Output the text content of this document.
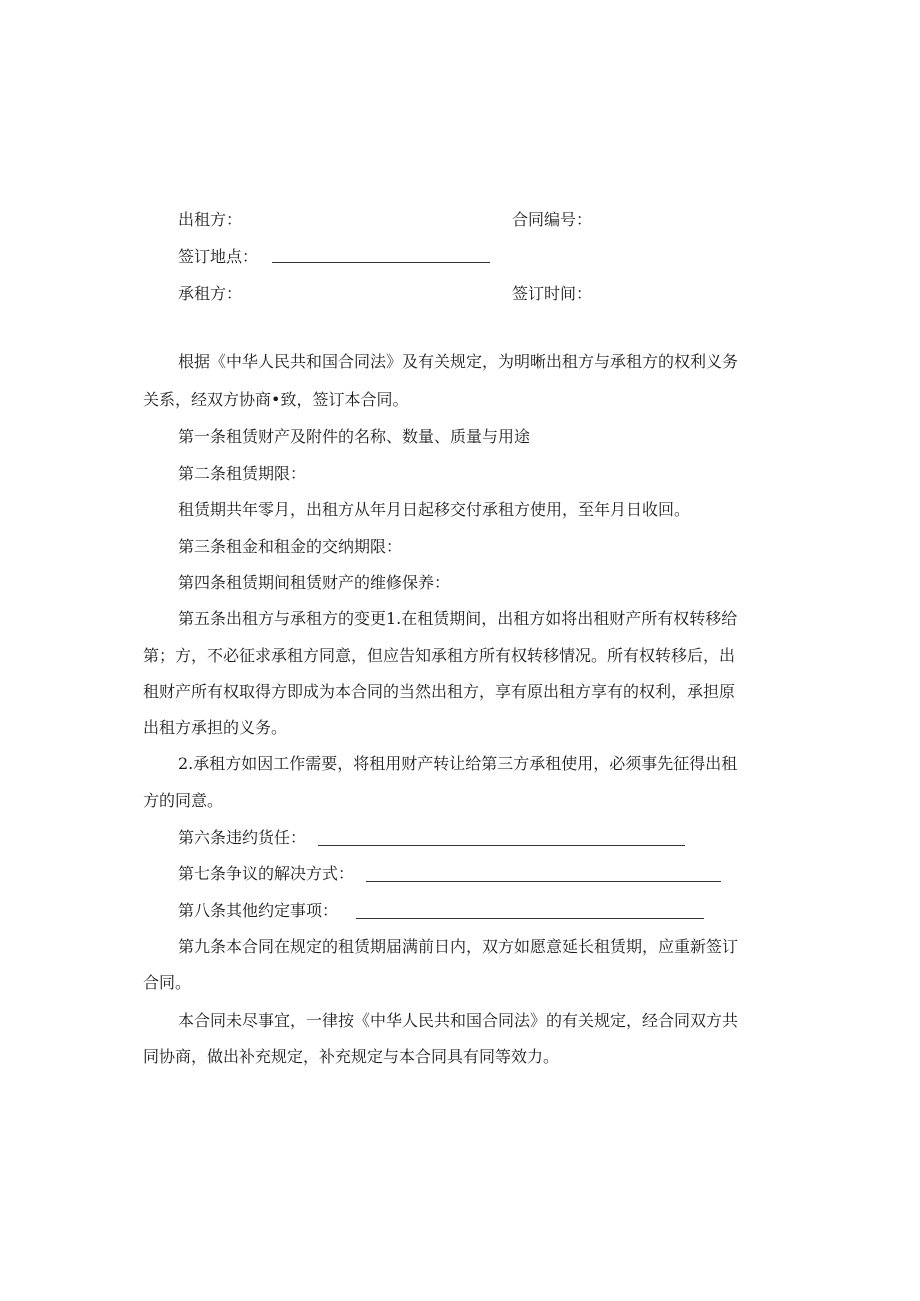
出租方：	合同编号：
签订地点：
承租方：	签订时间：
根据《中华人民共和国合同法》及有关规定，为明晰出租方与承租方的权利义务
关系，经双方协商•致，签订本合同。
第一条租赁财产及附件的名称、数量、质量与用途
第二条租赁期限：
租赁期共年零月，出租方从年月日起移交付承租方使用，至年月日收回。
第三条租金和租金的交纳期限：
第四条租赁期间租赁财产的维修保养：
第五条出租方与承租方的变更1.在租赁期间，出租方如将出租财产所有权转移给
第；方，不必征求承租方同意，但应告知承租方所有权转移情况。所有权转移后，出
租财产所有权取得方即成为本合同的当然出租方，享有原出租方享有的权利，承担原
出租方承担的义务。
2.承租方如因工作需要，将租用财产转让给第三方承租使用，必须事先征得出租
方的同意。
第六条违约货任：
第七条争议的解决方式：
第八条其他约定事项：
第九条本合同在规定的租赁期届满前日内，双方如愿意延长租赁期，应重新签订
合同。
本合同未尽事宜，一律按《中华人民共和国合同法》的有关规定，经合同双方共
同协商，做出补充规定，补充规定与本合同具有同等效力。
